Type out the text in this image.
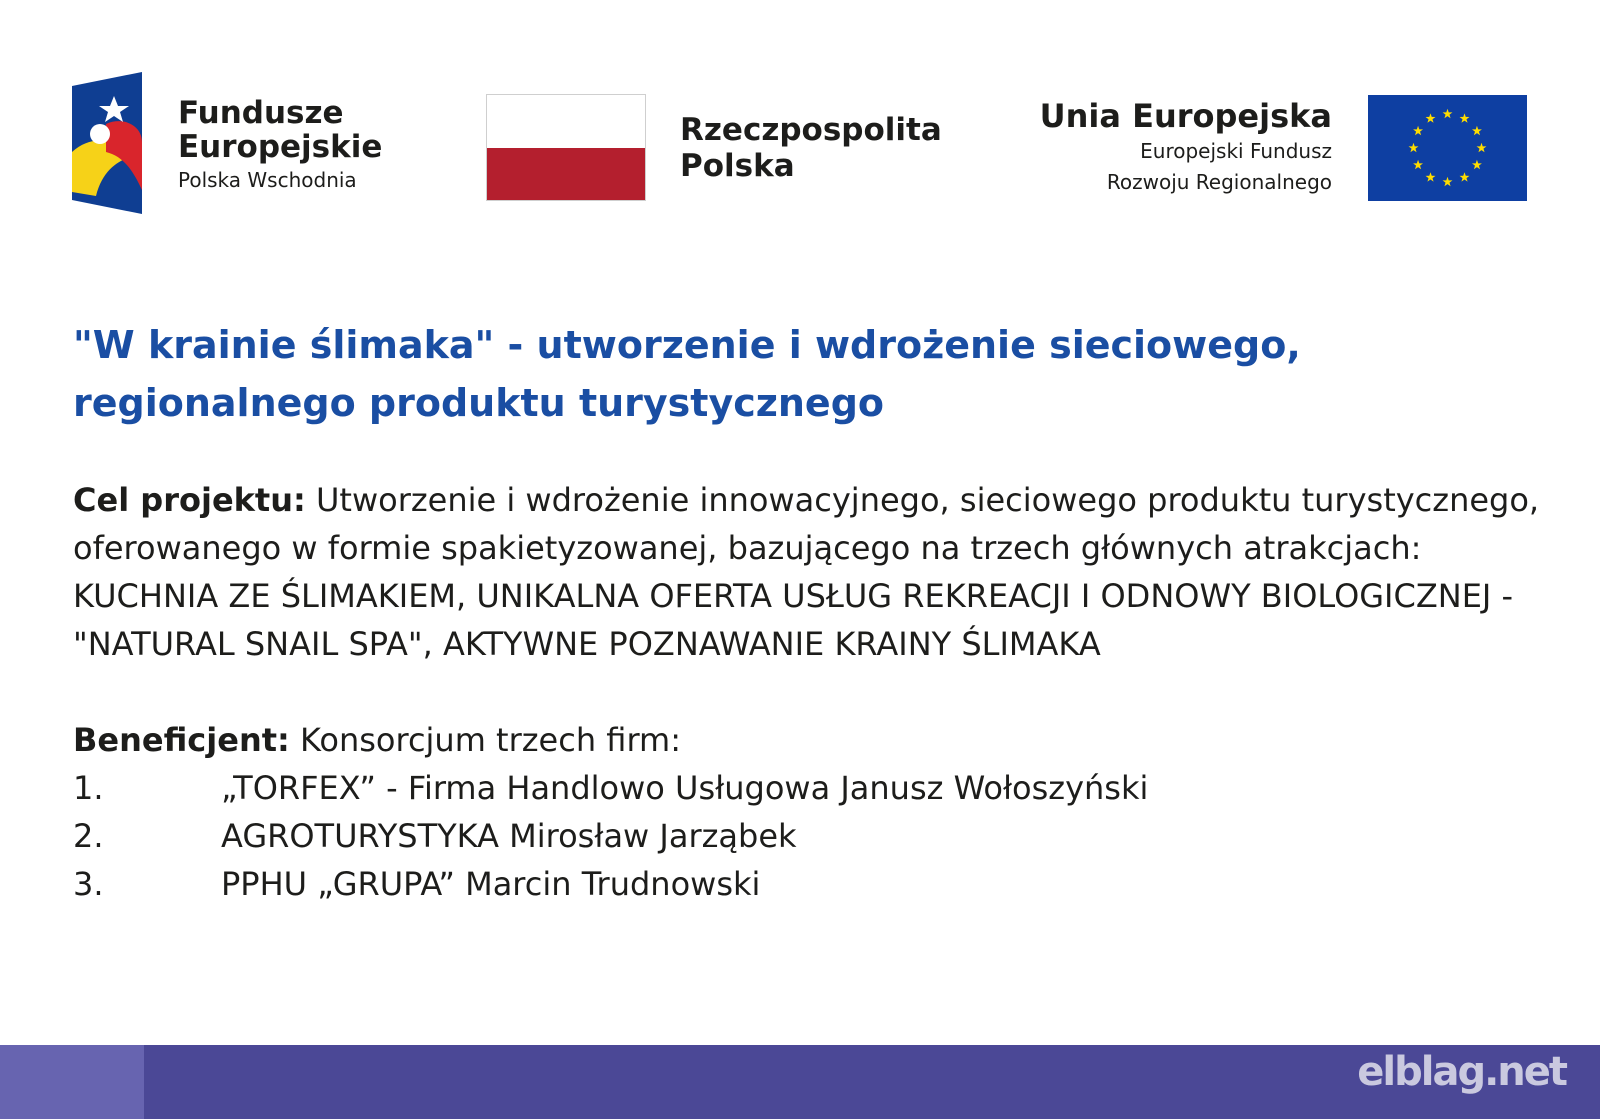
Fundusze
Europejskie
Polska Wschodnia
Rzeczpospolita
Polska
Unia Europejska
Europejski Fundusz
Rozwoju Regionalnego
"W krainie ślimaka" - utworzenie i wdrożenie sieciowego, regionalnego produktu turystycznego
Cel projektu: Utworzenie i wdrożenie innowacyjnego, sieciowego produktu turystycznego, oferowanego w formie spakietyzowanej, bazującego na trzech głównych atrakcjach: KUCHNIA ZE ŚLIMAKIEM, UNIKALNA OFERTA USŁUG REKREACJI I ODNOWY BIOLOGICZNEJ - "NATURAL SNAIL SPA", AKTYWNE POZNAWANIE KRAINY ŚLIMAKA
Beneficjent: Konsorcjum trzech firm:
1.	„TORFEX” - Firma Handlowo Usługowa Janusz Wołoszyński
2.	AGROTURYSTYKA Mirosław Jarząbek
3.	PPHU „GRUPA” Marcin Trudnowski
elblag.net
